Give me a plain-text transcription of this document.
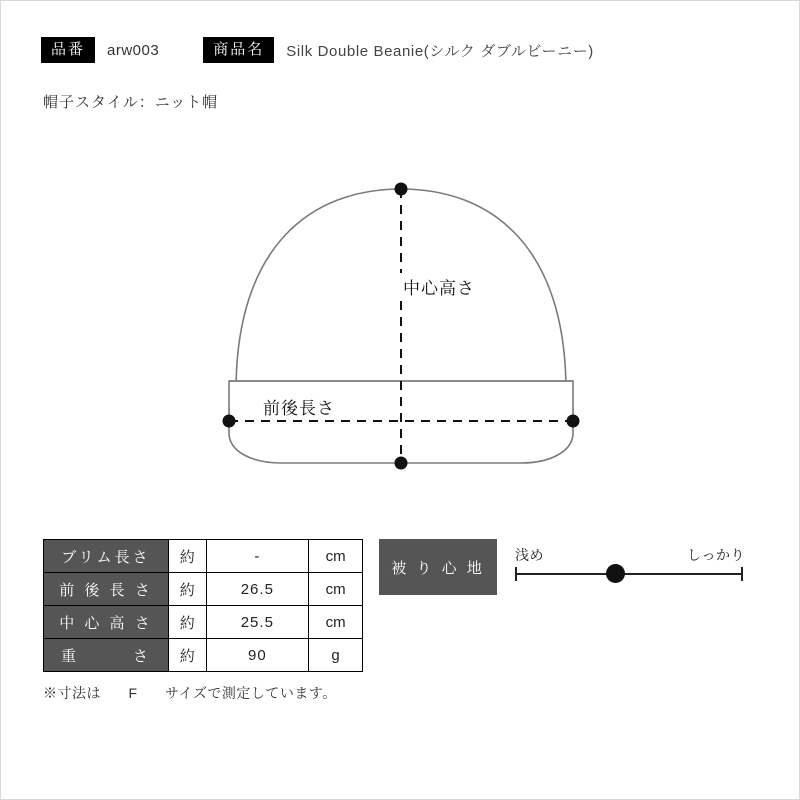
品番	arw003	商品名	Silk Double Beanie(シルク ダブルビーニー)
帽子スタイル：ニット帽
中心高さ
前後長さ
ブリム長さ	約	-	cm
前 後 長 さ	約	26.5	cm
中 心 高 さ	約	25.5	cm
重　　　さ	約	90	g
※寸法は F サイズで測定しています。
被 り 心 地
浅め	しっかり
